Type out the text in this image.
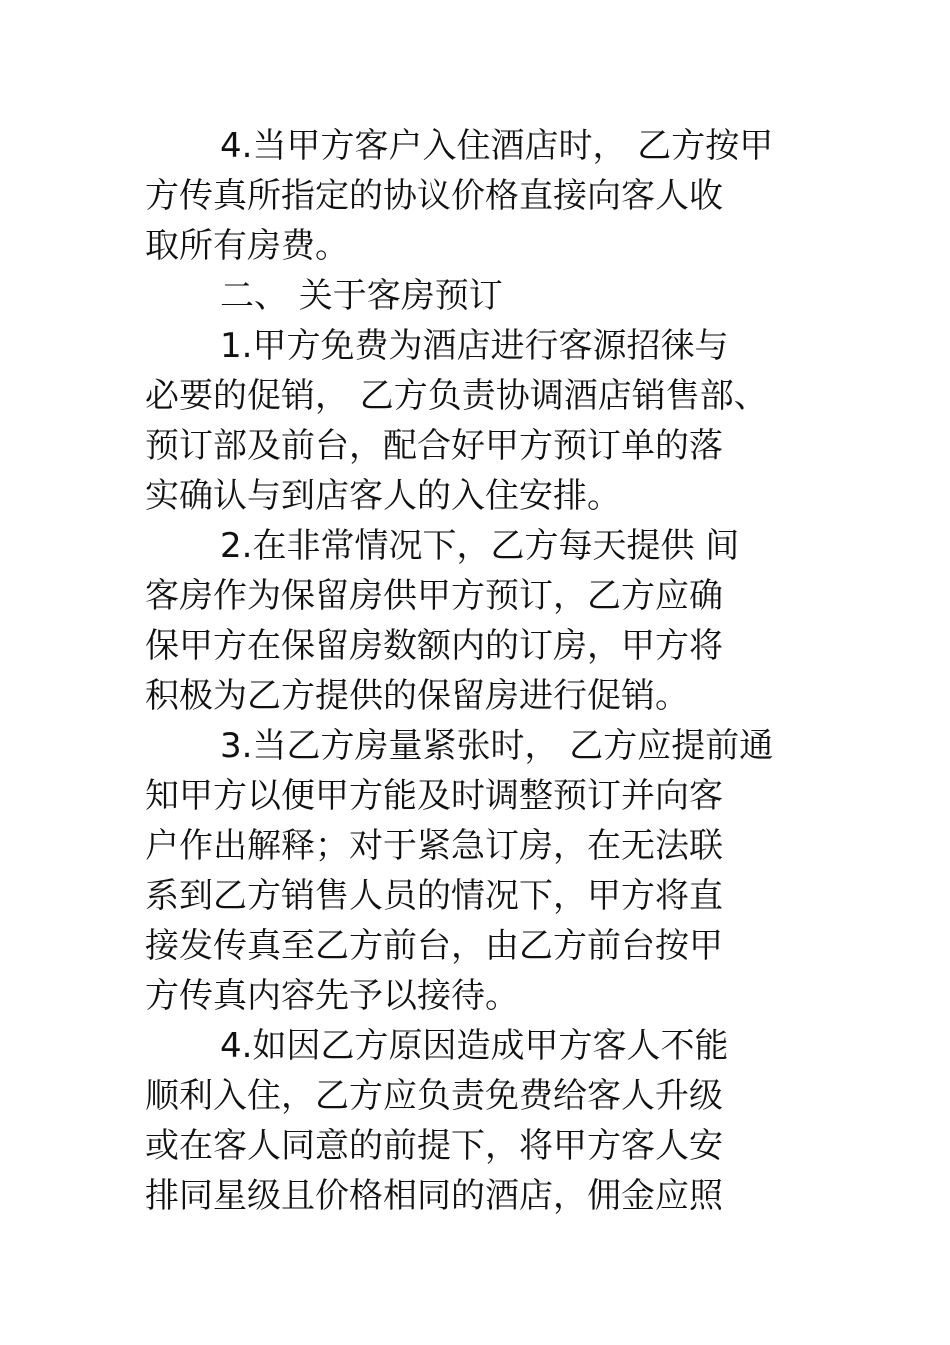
4.当甲方客户入住酒店时， 乙方按甲
方传真所指定的协议价格直接向客人收
取所有房费。
二、 关于客房预订
1.甲方免费为酒店进行客源招徕与
必要的促销， 乙方负责协调酒店销售部、
预订部及前台，配合好甲方预订单的落
实确认与到店客人的入住安排。
2.在非常情况下，乙方每天提供 间
客房作为保留房供甲方预订，乙方应确
保甲方在保留房数额内的订房，甲方将
积极为乙方提供的保留房进行促销。
3.当乙方房量紧张时， 乙方应提前通
知甲方以便甲方能及时调整预订并向客
户作出解释；对于紧急订房，在无法联
系到乙方销售人员的情况下，甲方将直
接发传真至乙方前台，由乙方前台按甲
方传真内容先予以接待。
4.如因乙方原因造成甲方客人不能
顺利入住，乙方应负责免费给客人升级
或在客人同意的前提下，将甲方客人安
排同星级且价格相同的酒店，佣金应照
